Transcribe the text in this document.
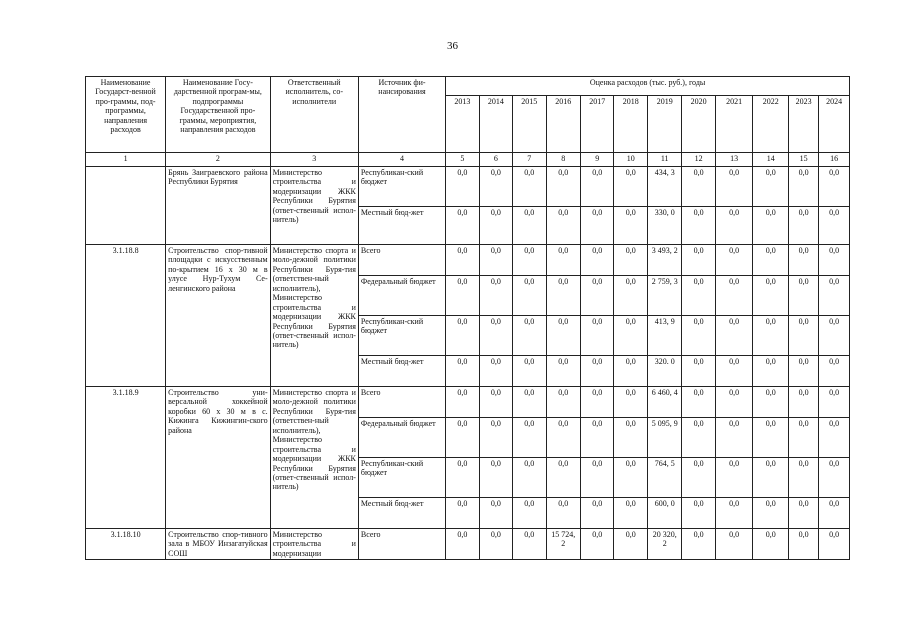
36
Наименование Государст-венной про-граммы, под-программы, направления расходов	Наименование Госу-дарственной програм-мы, подпрограммы Государственной про-граммы, мероприятия, направления расходов	Ответственный исполнитель, со-исполнители	Источник фи-нансирования	Оценка расходов (тыс. руб.), годы											
				2013	2014	2015	2016	2017	2018	2019	2020	2021	2022	2023	2024
1	2	3	4	5	6	7	8	9	10	11	12	13	14	15	16
	Брянь Заиграевского района Республики Бурятия	Министерство строительства и модернизации ЖКК Республики Бурятия (ответ-ственный испол-нитель)	Республикан-ский бюджет	0,0	0,0	0,0	0,0	0,0	0,0	434, 3	0,0	0,0	0,0	0,0	0,0
			Местный бюд-жет	0,0	0,0	0,0	0,0	0,0	0,0	330, 0	0,0	0,0	0,0	0,0	0,0
3.1.18.8	Строительство спор-тивной площадки с искусственным по-крытием 16 х 30 м в улусе Нур-Тухум Се-ленгинского района	Министерство спорта и моло-дежной политики Республики Буря-тия (ответствен-ный исполнитель), Министерство строительства и модернизации ЖКК Республики Бурятия (ответ-ственный испол-нитель)	Всего	0,0	0,0	0,0	0,0	0,0	0,0	3 493, 2	0,0	0,0	0,0	0,0	0,0
			Федеральный бюджет	0,0	0,0	0,0	0,0	0,0	0,0	2 759, 3	0,0	0,0	0,0	0,0	0,0
			Республикан-ский бюджет	0,0	0,0	0,0	0,0	0,0	0,0	413, 9	0,0	0,0	0,0	0,0	0,0
			Местный бюд-жет	0,0	0,0	0,0	0,0	0,0	0,0	320. 0	0,0	0,0	0,0	0,0	0,0
3.1.18.9	Строительство уни-версальной хоккейной коробки 60 х 30 м в с. Кижинга Кижингин-ского района	Министерство спорта и моло-дежной политики Республики Буря-тия (ответствен-ный исполнитель), Министерство строительства и модернизации ЖКК Республики Бурятия (ответ-ственный испол-нитель)	Всего	0,0	0,0	0,0	0,0	0,0	0,0	6 460, 4	0,0	0,0	0,0	0,0	0,0
			Федеральный бюджет	0,0	0,0	0,0	0,0	0,0	0,0	5 095, 9	0,0	0,0	0,0	0,0	0,0
			Республикан-ский бюджет	0,0	0,0	0,0	0,0	0,0	0,0	764, 5	0,0	0,0	0,0	0,0	0,0
			Местный бюд-жет	0,0	0,0	0,0	0,0	0,0	0,0	600, 0	0,0	0,0	0,0	0,0	0,0
3.1.18.10	Строительство спор-тивного зала в МБОУ Инзагатуйская СОШ	Министерство строительства и модернизации	Всего	0,0	0,0	0,0	15 724, 2	0,0	0,0	20 320, 2	0,0	0,0	0,0	0,0	0,0
